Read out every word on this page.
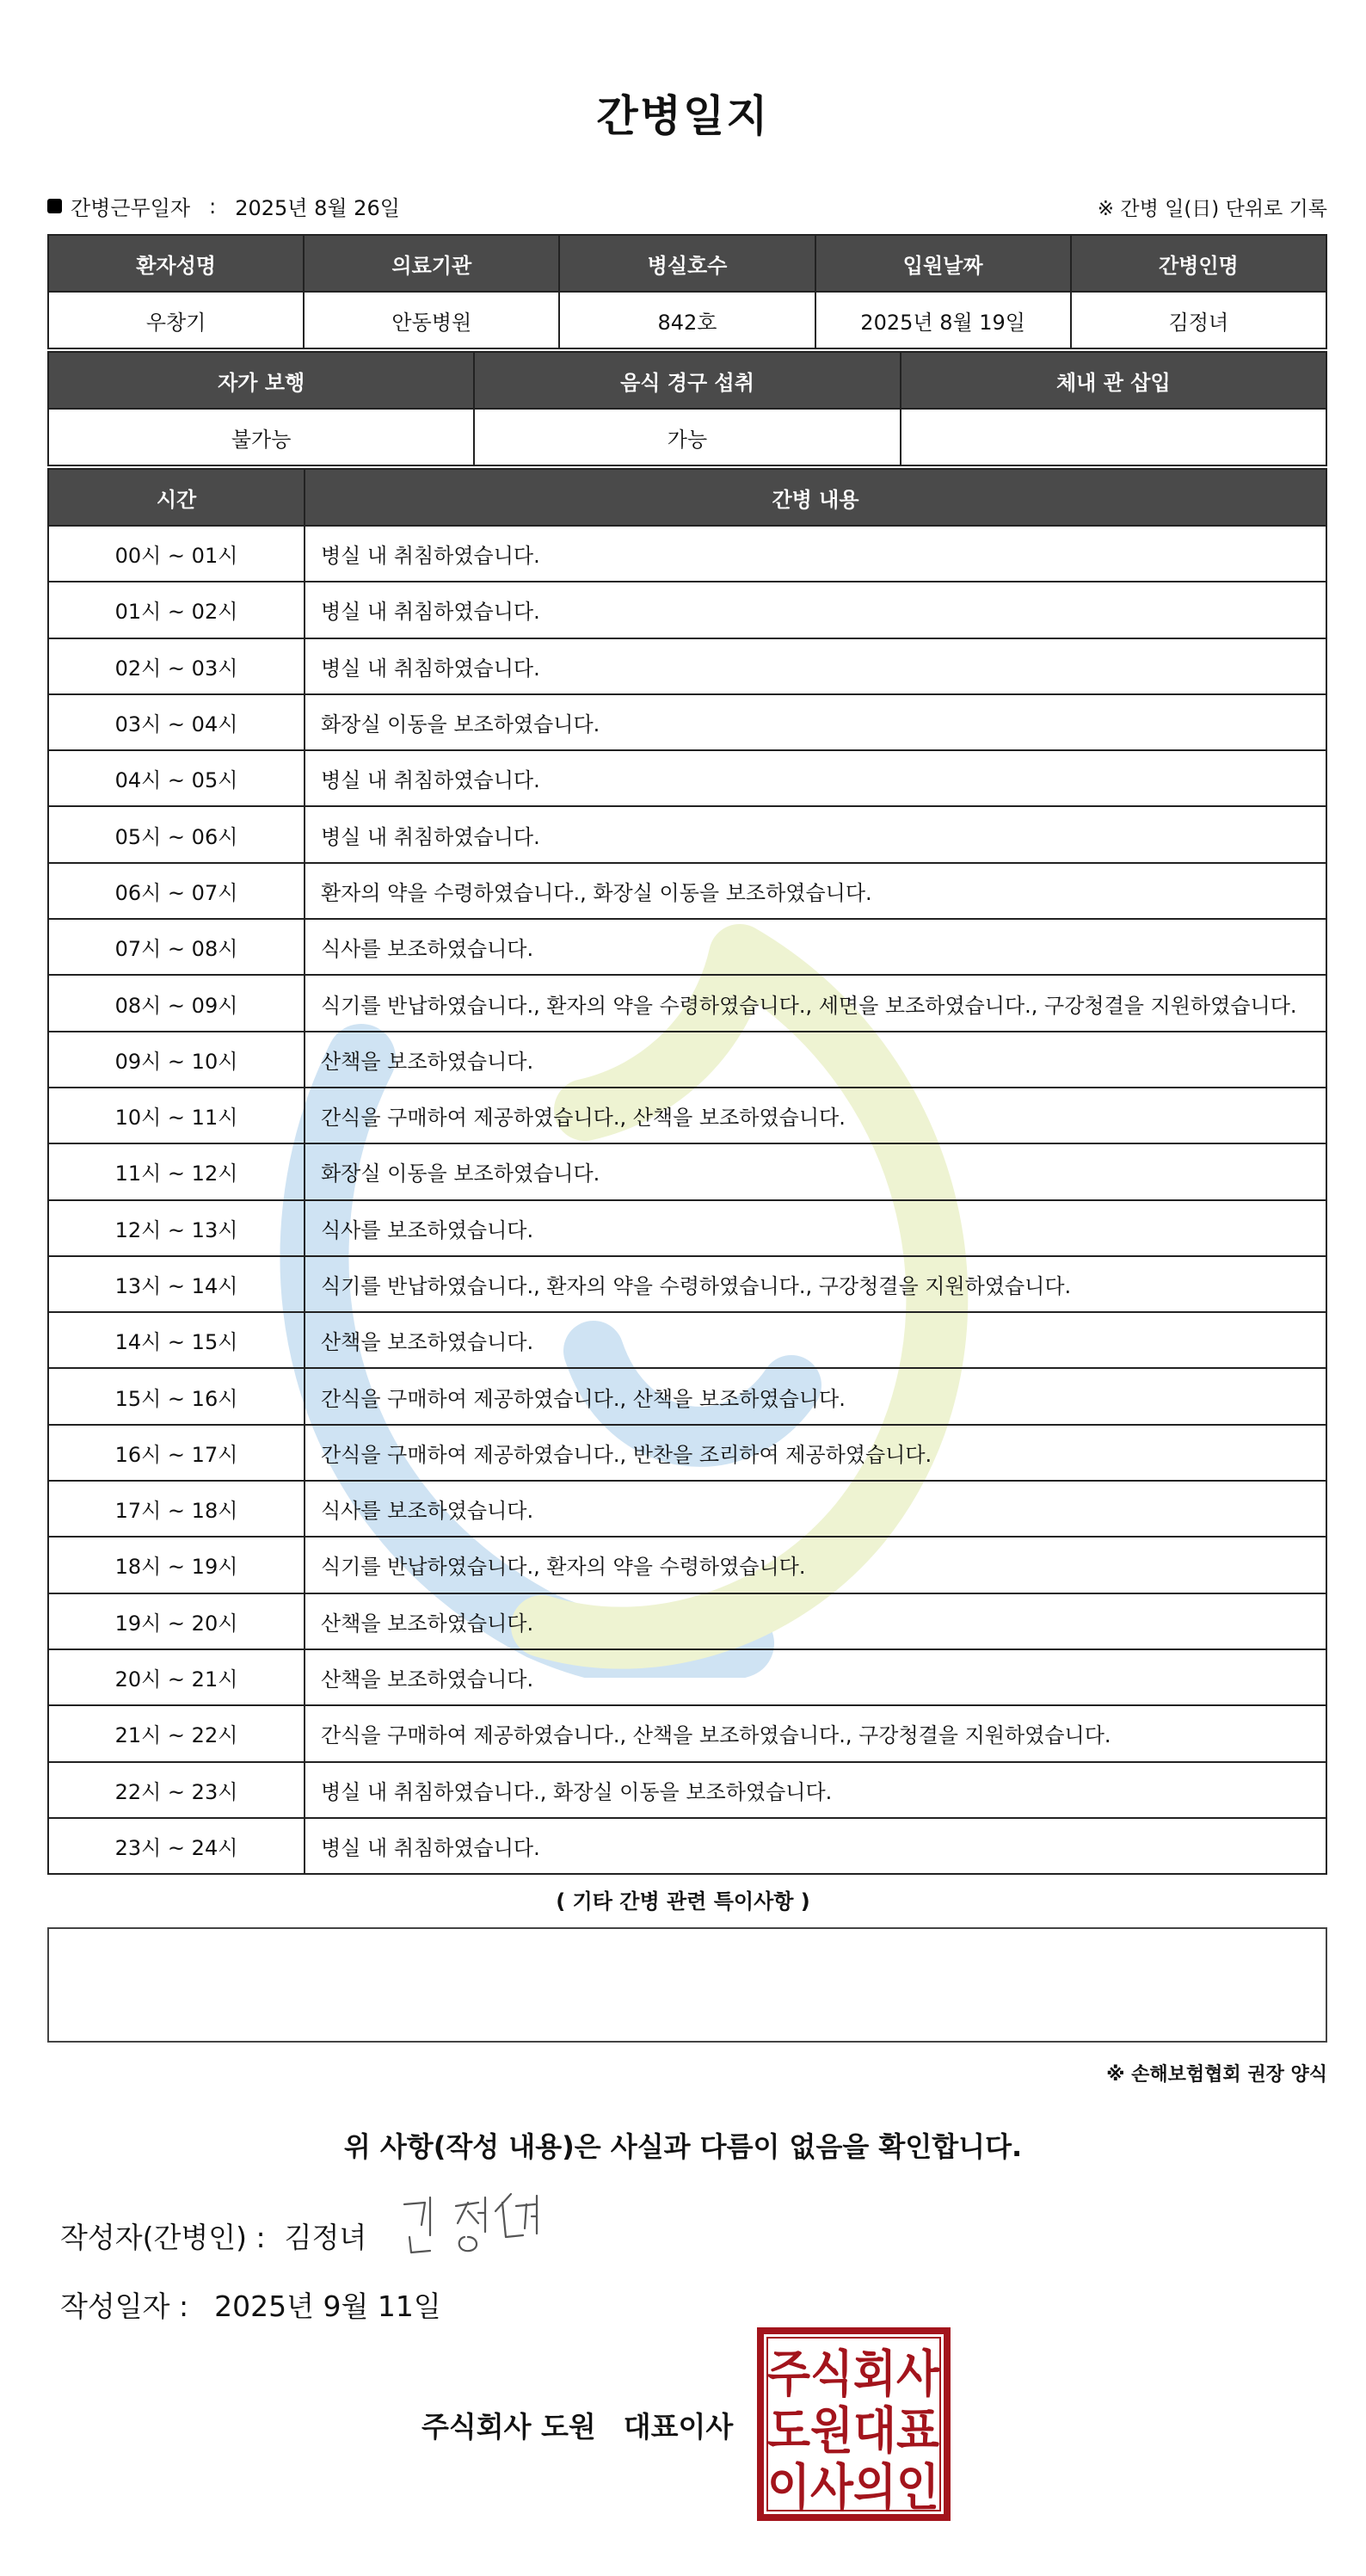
간병일지
간병근무일자 : 2025년 8월 26일	※ 간병 일(日) 단위로 기록
환자성명	의료기관	병실호수	입원날짜	간병인명
우창기	안동병원	842호	2025년 8월 19일	김정녀
자가 보행	음식 경구 섭취	체내 관 삽입
불가능	가능	
시간	간병 내용
00시 ~ 01시	병실 내 취침하였습니다.
01시 ~ 02시	병실 내 취침하였습니다.
02시 ~ 03시	병실 내 취침하였습니다.
03시 ~ 04시	화장실 이동을 보조하였습니다.
04시 ~ 05시	병실 내 취침하였습니다.
05시 ~ 06시	병실 내 취침하였습니다.
06시 ~ 07시	환자의 약을 수령하였습니다., 화장실 이동을 보조하였습니다.
07시 ~ 08시	식사를 보조하였습니다.
08시 ~ 09시	식기를 반납하였습니다., 환자의 약을 수령하였습니다., 세면을 보조하였습니다., 구강청결을 지원하였습니다.
09시 ~ 10시	산책을 보조하였습니다.
10시 ~ 11시	간식을 구매하여 제공하였습니다., 산책을 보조하였습니다.
11시 ~ 12시	화장실 이동을 보조하였습니다.
12시 ~ 13시	식사를 보조하였습니다.
13시 ~ 14시	식기를 반납하였습니다., 환자의 약을 수령하였습니다., 구강청결을 지원하였습니다.
14시 ~ 15시	산책을 보조하였습니다.
15시 ~ 16시	간식을 구매하여 제공하였습니다., 산책을 보조하였습니다.
16시 ~ 17시	간식을 구매하여 제공하였습니다., 반찬을 조리하여 제공하였습니다.
17시 ~ 18시	식사를 보조하였습니다.
18시 ~ 19시	식기를 반납하였습니다., 환자의 약을 수령하였습니다.
19시 ~ 20시	산책을 보조하였습니다.
20시 ~ 21시	산책을 보조하였습니다.
21시 ~ 22시	간식을 구매하여 제공하였습니다., 산책을 보조하였습니다., 구강청결을 지원하였습니다.
22시 ~ 23시	병실 내 취침하였습니다., 화장실 이동을 보조하였습니다.
23시 ~ 24시	병실 내 취침하였습니다.
( 기타 간병 관련 특이사항 )
※ 손해보험협회 권장 양식
위 사항(작성 내용)은 사실과 다름이 없음을 확인합니다.
작성자(간병인) : 김정녀
작성일자 : 2025년 9월 11일
주식회사 도원 대표이사
주식회사
도원대표
이사의인
